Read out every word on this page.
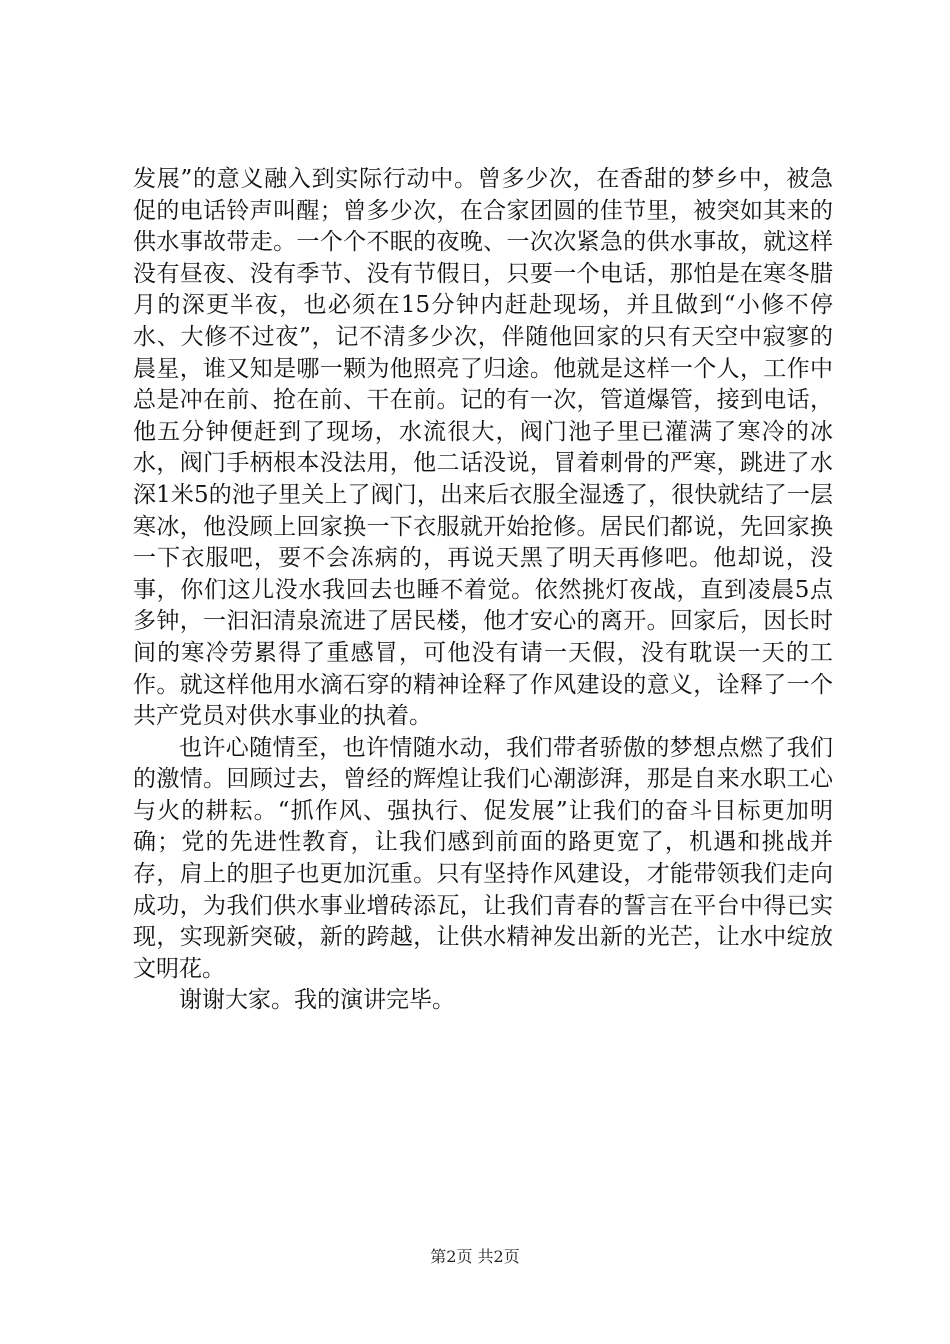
发展”的意义融入到实际行动中。曾多少次，在香甜的梦乡中，被急促的电话铃声叫醒；曾多少次，在合家团圆的佳节里，被突如其来的供水事故带走。一个个不眠的夜晚、一次次紧急的供水事故，就这样没有昼夜、没有季节、没有节假日，只要一个电话，那怕是在寒冬腊月的深更半夜，也必须在15分钟内赶赴现场，并且做到“小修不停水、大修不过夜”，记不清多少次，伴随他回家的只有天空中寂寥的晨星，谁又知是哪一颗为他照亮了归途。他就是这样一个人，工作中总是冲在前、抢在前、干在前。记的有一次，管道爆管，接到电话，他五分钟便赶到了现场，水流很大，阀门池子里已灌满了寒冷的冰水，阀门手柄根本没法用，他二话没说，冒着刺骨的严寒，跳进了水深1米5的池子里关上了阀门，出来后衣服全湿透了，很快就结了一层寒冰，他没顾上回家换一下衣服就开始抢修。居民们都说，先回家换一下衣服吧，要不会冻病的，再说天黑了明天再修吧。他却说，没事，你们这儿没水我回去也睡不着觉。依然挑灯夜战，直到凌晨5点多钟，一汩汩清泉流进了居民楼，他才安心的离开。回家后，因长时间的寒冷劳累得了重感冒，可他没有请一天假，没有耽误一天的工作。就这样他用水滴石穿的精神诠释了作风建设的意义，诠释了一个共产党员对供水事业的执着。

也许心随情至，也许情随水动，我们带者骄傲的梦想点燃了我们的激情。回顾过去，曾经的辉煌让我们心潮澎湃，那是自来水职工心与火的耕耘。“抓作风、强执行、促发展”让我们的奋斗目标更加明确；党的先进性教育，让我们感到前面的路更宽了，机遇和挑战并存，肩上的胆子也更加沉重。只有坚持作风建设，才能带领我们走向成功，为我们供水事业增砖添瓦，让我们青春的誓言在平台中得已实现，实现新突破，新的跨越，让供水精神发出新的光芒，让水中绽放文明花。

谢谢大家。我的演讲完毕。

第2页 共2页
